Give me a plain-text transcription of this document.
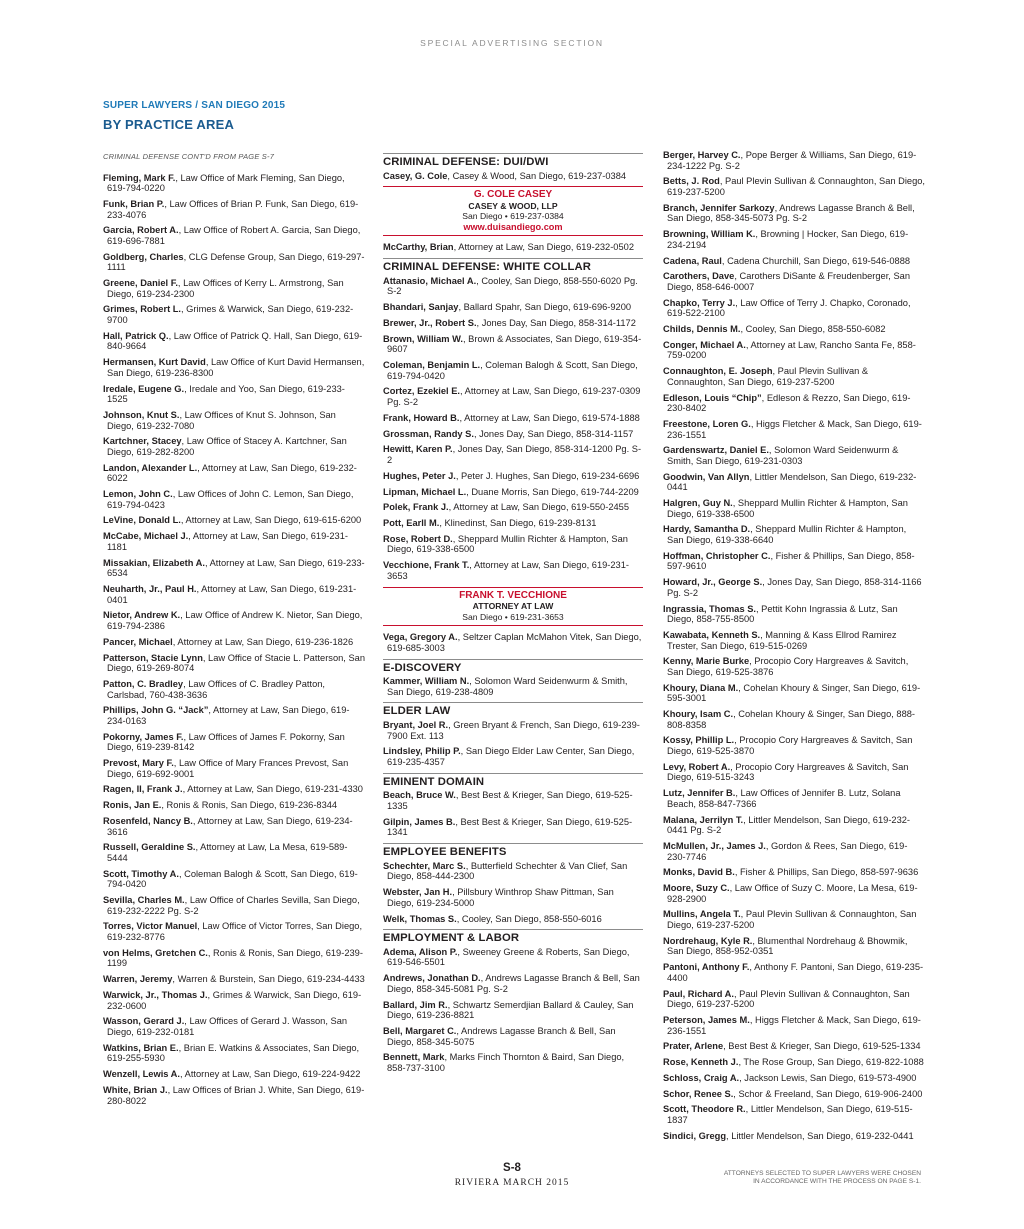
SPECIAL ADVERTISING SECTION
SUPER LAWYERS / SAN DIEGO 2015
BY PRACTICE AREA
CRIMINAL DEFENSE CONT'D FROM PAGE S-7
Fleming, Mark F., Law Office of Mark Fleming, San Diego, 619-794-0220
Funk, Brian P., Law Offices of Brian P. Funk, San Diego, 619-233-4076
Garcia, Robert A., Law Office of Robert A. Garcia, San Diego, 619-696-7881
Goldberg, Charles, CLG Defense Group, San Diego, 619-297-1111
Greene, Daniel F., Law Offices of Kerry L. Armstrong, San Diego, 619-234-2300
Grimes, Robert L., Grimes & Warwick, San Diego, 619-232-9700
Hall, Patrick Q., Law Office of Patrick Q. Hall, San Diego, 619-840-9664
Hermansen, Kurt David, Law Office of Kurt David Hermansen, San Diego, 619-236-8300
Iredale, Eugene G., Iredale and Yoo, San Diego, 619-233-1525
Johnson, Knut S., Law Offices of Knut S. Johnson, San Diego, 619-232-7080
Kartchner, Stacey, Law Office of Stacey A. Kartchner, San Diego, 619-282-8200
Landon, Alexander L., Attorney at Law, San Diego, 619-232-6022
Lemon, John C., Law Offices of John C. Lemon, San Diego, 619-794-0423
LeVine, Donald L., Attorney at Law, San Diego, 619-615-6200
McCabe, Michael J., Attorney at Law, San Diego, 619-231-1181
Missakian, Elizabeth A., Attorney at Law, San Diego, 619-233-6534
Neuharth, Jr., Paul H., Attorney at Law, San Diego, 619-231-0401
Nietor, Andrew K., Law Office of Andrew K. Nietor, San Diego, 619-794-2386
Pancer, Michael, Attorney at Law, San Diego, 619-236-1826
Patterson, Stacie Lynn, Law Office of Stacie L. Patterson, San Diego, 619-269-8074
Patton, C. Bradley, Law Offices of C. Bradley Patton, Carlsbad, 760-438-3636
Phillips, John G. “Jack”, Attorney at Law, San Diego, 619-234-0163
Pokorny, James F., Law Offices of James F. Pokorny, San Diego, 619-239-8142
Prevost, Mary F., Law Office of Mary Frances Prevost, San Diego, 619-692-9001
Ragen, II, Frank J., Attorney at Law, San Diego, 619-231-4330
Ronis, Jan E., Ronis & Ronis, San Diego, 619-236-8344
Rosenfeld, Nancy B., Attorney at Law, San Diego, 619-234-3616
Russell, Geraldine S., Attorney at Law, La Mesa, 619-589-5444
Scott, Timothy A., Coleman Balogh & Scott, San Diego, 619-794-0420
Sevilla, Charles M., Law Office of Charles Sevilla, San Diego, 619-232-2222 Pg. S-2
Torres, Victor Manuel, Law Office of Victor Torres, San Diego, 619-232-8776
von Helms, Gretchen C., Ronis & Ronis, San Diego, 619-239-1199
Warren, Jeremy, Warren & Burstein, San Diego, 619-234-4433
Warwick, Jr., Thomas J., Grimes & Warwick, San Diego, 619-232-0600
Wasson, Gerard J., Law Offices of Gerard J. Wasson, San Diego, 619-232-0181
Watkins, Brian E., Brian E. Watkins & Associates, San Diego, 619-255-5930
Wenzell, Lewis A., Attorney at Law, San Diego, 619-224-9422
White, Brian J., Law Offices of Brian J. White, San Diego, 619-280-8022
CRIMINAL DEFENSE: DUI/DWI
Casey, G. Cole, Casey & Wood, San Diego, 619-237-0384
G. COLE CASEY
CASEY & WOOD, LLP
San Diego • 619-237-0384
www.duisandiego.com
McCarthy, Brian, Attorney at Law, San Diego, 619-232-0502
CRIMINAL DEFENSE: WHITE COLLAR
Attanasio, Michael A., Cooley, San Diego, 858-550-6020 Pg. S-2
Bhandari, Sanjay, Ballard Spahr, San Diego, 619-696-9200
Brewer, Jr., Robert S., Jones Day, San Diego, 858-314-1172
Brown, William W., Brown & Associates, San Diego, 619-354-9607
Coleman, Benjamin L., Coleman Balogh & Scott, San Diego, 619-794-0420
Cortez, Ezekiel E., Attorney at Law, San Diego, 619-237-0309 Pg. S-2
Frank, Howard B., Attorney at Law, San Diego, 619-574-1888
Grossman, Randy S., Jones Day, San Diego, 858-314-1157
Hewitt, Karen P., Jones Day, San Diego, 858-314-1200 Pg. S-2
Hughes, Peter J., Peter J. Hughes, San Diego, 619-234-6696
Lipman, Michael L., Duane Morris, San Diego, 619-744-2209
Polek, Frank J., Attorney at Law, San Diego, 619-550-2455
Pott, Earll M., Klinedinst, San Diego, 619-239-8131
Rose, Robert D., Sheppard Mullin Richter & Hampton, San Diego, 619-338-6500
Vecchione, Frank T., Attorney at Law, San Diego, 619-231-3653
FRANK T. VECCHIONE
ATTORNEY AT LAW
San Diego • 619-231-3653
Vega, Gregory A., Seltzer Caplan McMahon Vitek, San Diego, 619-685-3003
E-DISCOVERY
Kammer, William N., Solomon Ward Seidenwurm & Smith, San Diego, 619-238-4809
ELDER LAW
Bryant, Joel R., Green Bryant & French, San Diego, 619-239-7900 Ext. 113
Lindsley, Philip P., San Diego Elder Law Center, San Diego, 619-235-4357
EMINENT DOMAIN
Beach, Bruce W., Best Best & Krieger, San Diego, 619-525-1335
Gilpin, James B., Best Best & Krieger, San Diego, 619-525-1341
EMPLOYEE BENEFITS
Schechter, Marc S., Butterfield Schechter & Van Clief, San Diego, 858-444-2300
Webster, Jan H., Pillsbury Winthrop Shaw Pittman, San Diego, 619-234-5000
Welk, Thomas S., Cooley, San Diego, 858-550-6016
EMPLOYMENT & LABOR
Adema, Alison P., Sweeney Greene & Roberts, San Diego, 619-546-5501
Andrews, Jonathan D., Andrews Lagasse Branch & Bell, San Diego, 858-345-5081 Pg. S-2
Ballard, Jim R., Schwartz Semerdjian Ballard & Cauley, San Diego, 619-236-8821
Bell, Margaret C., Andrews Lagasse Branch & Bell, San Diego, 858-345-5075
Bennett, Mark, Marks Finch Thornton & Baird, San Diego, 858-737-3100
Berger, Harvey C., Pope Berger & Williams, San Diego, 619-234-1222 Pg. S-2
Betts, J. Rod, Paul Plevin Sullivan & Connaughton, San Diego, 619-237-5200
Branch, Jennifer Sarkozy, Andrews Lagasse Branch & Bell, San Diego, 858-345-5073 Pg. S-2
Browning, William K., Browning | Hocker, San Diego, 619-234-2194
Cadena, Raul, Cadena Churchill, San Diego, 619-546-0888
Carothers, Dave, Carothers DiSante & Freudenberger, San Diego, 858-646-0007
Chapko, Terry J., Law Office of Terry J. Chapko, Coronado, 619-522-2100
Childs, Dennis M., Cooley, San Diego, 858-550-6082
Conger, Michael A., Attorney at Law, Rancho Santa Fe, 858-759-0200
Connaughton, E. Joseph, Paul Plevin Sullivan & Connaughton, San Diego, 619-237-5200
Edleson, Louis “Chip”, Edleson & Rezzo, San Diego, 619-230-8402
Freestone, Loren G., Higgs Fletcher & Mack, San Diego, 619-236-1551
Gardenswartz, Daniel E., Solomon Ward Seidenwurm & Smith, San Diego, 619-231-0303
Goodwin, Van Allyn, Littler Mendelson, San Diego, 619-232-0441
Halgren, Guy N., Sheppard Mullin Richter & Hampton, San Diego, 619-338-6500
Hardy, Samantha D., Sheppard Mullin Richter & Hampton, San Diego, 619-338-6640
Hoffman, Christopher C., Fisher & Phillips, San Diego, 858-597-9610
Howard, Jr., George S., Jones Day, San Diego, 858-314-1166 Pg. S-2
Ingrassia, Thomas S., Pettit Kohn Ingrassia & Lutz, San Diego, 858-755-8500
Kawabata, Kenneth S., Manning & Kass Ellrod Ramirez Trester, San Diego, 619-515-0269
Kenny, Marie Burke, Procopio Cory Hargreaves & Savitch, San Diego, 619-525-3876
Khoury, Diana M., Cohelan Khoury & Singer, San Diego, 619-595-3001
Khoury, Isam C., Cohelan Khoury & Singer, San Diego, 888-808-8358
Kossy, Phillip L., Procopio Cory Hargreaves & Savitch, San Diego, 619-525-3870
Levy, Robert A., Procopio Cory Hargreaves & Savitch, San Diego, 619-515-3243
Lutz, Jennifer B., Law Offices of Jennifer B. Lutz, Solana Beach, 858-847-7366
Malana, Jerrilyn T., Littler Mendelson, San Diego, 619-232-0441 Pg. S-2
McMullen, Jr., James J., Gordon & Rees, San Diego, 619-230-7746
Monks, David B., Fisher & Phillips, San Diego, 858-597-9636
Moore, Suzy C., Law Office of Suzy C. Moore, La Mesa, 619-928-2900
Mullins, Angela T., Paul Plevin Sullivan & Connaughton, San Diego, 619-237-5200
Nordrehaug, Kyle R., Blumenthal Nordrehaug & Bhowmik, San Diego, 858-952-0351
Pantoni, Anthony F., Anthony F. Pantoni, San Diego, 619-235-4400
Paul, Richard A., Paul Plevin Sullivan & Connaughton, San Diego, 619-237-5200
Peterson, James M., Higgs Fletcher & Mack, San Diego, 619-236-1551
Prater, Arlene, Best Best & Krieger, San Diego, 619-525-1334
Rose, Kenneth J., The Rose Group, San Diego, 619-822-1088
Schloss, Craig A., Jackson Lewis, San Diego, 619-573-4900
Schor, Renee S., Schor & Freeland, San Diego, 619-906-2400
Scott, Theodore R., Littler Mendelson, San Diego, 619-515-1837
Sindici, Gregg, Littler Mendelson, San Diego, 619-232-0441
S-8
RIVIERA MARCH 2015
ATTORNEYS SELECTED TO SUPER LAWYERS WERE CHOSEN
IN ACCORDANCE WITH THE PROCESS ON PAGE S-1.
